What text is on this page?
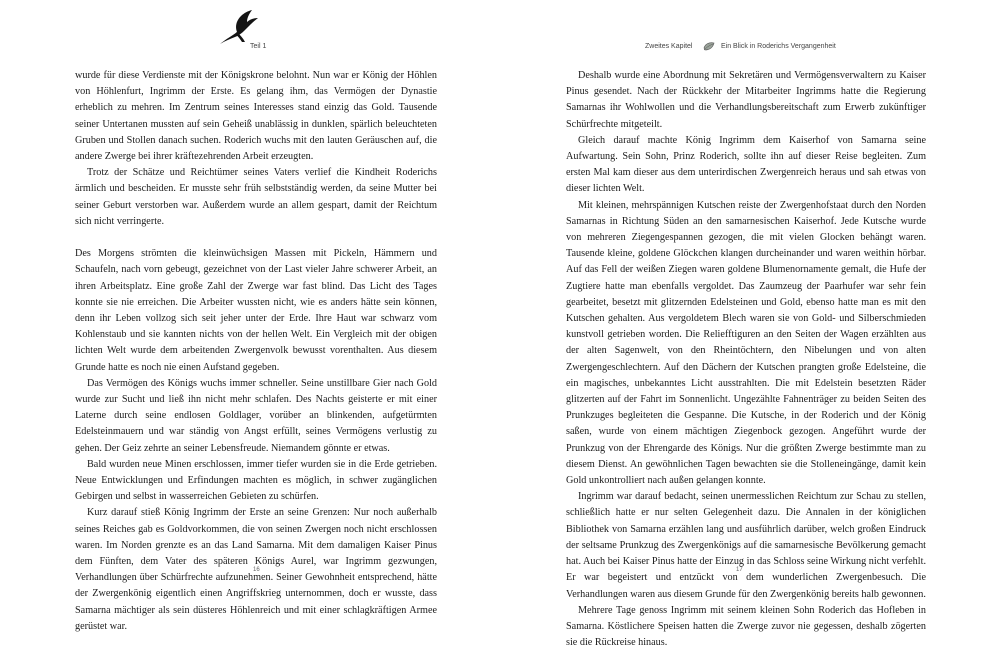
Teil 1

wurde für diese Verdienste mit der Königskrone belohnt. Nun war er König der Höhlen von Höhlenfurt, Ingrimm der Erste. Es gelang ihm, das Vermögen der Dynastie erheblich zu mehren. Im Zentrum seines Interesses stand einzig das Gold. Tausende seiner Untertanen mussten auf sein Geheiß unablässig in dunklen, spärlich beleuchteten Gruben und Stollen danach suchen. Roderich wuchs mit den lauten Geräuschen auf, die andere Zwerge bei ihrer kräftezehrenden Arbeit erzeugten.

Trotz der Schätze und Reichtümer seines Vaters verlief die Kindheit Roderichs ärmlich und bescheiden. Er musste sehr früh selbstständig werden, da seine Mutter bei seiner Geburt verstorben war. Außerdem wurde an allem gespart, damit der Reichtum sich nicht verringerte.

Des Morgens strömten die kleinwüchsigen Massen mit Pickeln, Hämmern und Schaufeln, nach vorn gebeugt, gezeichnet von der Last vieler Jahre schwerer Arbeit, an ihren Arbeitsplatz. Eine große Zahl der Zwerge war fast blind. Das Licht des Tages konnte sie nie erreichen. Die Arbeiter wussten nicht, wie es anders hätte sein können, denn ihr Leben vollzog sich seit jeher unter der Erde. Ihre Haut war schwarz vom Kohlenstaub und sie kannten nichts von der hellen Welt. Ein Vergleich mit der obigen lichten Welt wurde dem arbeitenden Zwergenvolk bewusst vorenthalten. Aus diesem Grunde hatte es noch nie einen Aufstand gegeben.

Das Vermögen des Königs wuchs immer schneller. Seine unstillbare Gier nach Gold wurde zur Sucht und ließ ihn nicht mehr schlafen. Des Nachts geisterte er mit einer Laterne durch seine endlosen Goldlager, vorüber an blinkenden, aufgetürmten Edelsteinmauern und war ständig von Angst erfüllt, seines Vermögens verlustig zu gehen. Der Geiz zehrte an seiner Lebensfreude. Niemandem gönnte er etwas.

Bald wurden neue Minen erschlossen, immer tiefer wurden sie in die Erde getrieben. Neue Entwicklungen und Erfindungen machten es möglich, in schwer zugänglichen Gebirgen und selbst in wasserreichen Gebieten zu schürfen.

Kurz darauf stieß König Ingrimm der Erste an seine Grenzen: Nur noch außerhalb seines Reiches gab es Goldvorkommen, die von seinen Zwergen noch nicht erschlossen waren. Im Norden grenzte es an das Land Samarna. Mit dem damaligen Kaiser Pinus dem Fünften, dem Vater des späteren Königs Aurel, war Ingrimm gezwungen, Verhandlungen über Schürfrechte aufzunehmen. Seiner Gewohnheit entsprechend, hätte der Zwergenkönig eigentlich einen Angriffskrieg unternommen, doch er wusste, dass Samarna mächtiger als sein düsteres Höhlenreich und mit einer schlagkräftigen Armee gerüstet war.

16
Zweites Kapitel	Ein Blick in Roderichs Vergangenheit

Deshalb wurde eine Abordnung mit Sekretären und Vermögensverwaltern zu Kaiser Pinus gesendet. Nach der Rückkehr der Mitarbeiter Ingrimms hatte die Regierung Samarnas ihr Wohlwollen und die Verhandlungsbereitschaft zum Erwerb zukünftiger Schürfrechte mitgeteilt.

Gleich darauf machte König Ingrimm dem Kaiserhof von Samarna seine Aufwartung. Sein Sohn, Prinz Roderich, sollte ihn auf dieser Reise begleiten. Zum ersten Mal kam dieser aus dem unterirdischen Zwergenreich heraus und sah etwas von dieser lichten Welt.

Mit kleinen, mehrspännigen Kutschen reiste der Zwergenhofstaat durch den Norden Samarnas in Richtung Süden an den samarnesischen Kaiserhof. Jede Kutsche wurde von mehreren Ziegengespannen gezogen, die mit vielen Glocken behängt waren. Tausende kleine, goldene Glöckchen klangen durcheinander und waren weithin hörbar. Auf das Fell der weißen Ziegen waren goldene Blumenornamente gemalt, die Hufe der Zugtiere hatte man ebenfalls vergoldet. Das Zaumzeug der Paarhufer war sehr fein gearbeitet, besetzt mit glitzernden Edelsteinen und Gold, ebenso hatte man es mit den Kutschen gehalten. Aus vergoldetem Blech waren sie von Gold- und Silberschmieden kunstvoll getrieben worden. Die Reliefftiguren an den Seiten der Wagen erzählten aus der alten Sagenwelt, von den Rheintöchtern, den Nibelungen und von alten Zwergengeschlechtern. Auf den Dächern der Kutschen prangten große Edelsteine, die ein magisches, unbekanntes Licht ausstrahlten. Die mit Edelstein besetzten Räder glitzerten auf der Fahrt im Sonnenlicht. Ungezählte Fahnenträger zu beiden Seiten des Prunkzuges begleiteten die Gespanne. Die Kutsche, in der Roderich und der König saßen, wurde von einem mächtigen Ziegenbock gezogen. Angeführt wurde der Prunkzug von der Ehrengarde des Königs. Nur die größten Zwerge bestimmte man zu diesem Dienst. An gewöhnlichen Tagen bewachten sie die Stolleneingänge, damit kein Gold unkontrolliert nach außen gelangen konnte.

Ingrimm war darauf bedacht, seinen unermesslichen Reichtum zur Schau zu stellen, schließlich hatte er nur selten Gelegenheit dazu. Die Annalen in der königlichen Bibliothek von Samarna erzählen lang und ausführlich darüber, welch großen Eindruck der seltsame Prunkzug des Zwergenkönigs auf die samarnesische Bevölkerung gemacht hat. Auch bei Kaiser Pinus hatte der Einzug in das Schloss seine Wirkung nicht verfehlt. Er war begeistert und entzückt von dem wunderlichen Zwergenbesuch. Die Verhandlungen waren aus diesem Grunde für den Zwergenkönig bereits halb gewonnen.

Mehrere Tage genoss Ingrimm mit seinem kleinen Sohn Roderich das Hofleben in Samarna. Köstlichere Speisen hatten die Zwerge zuvor nie gegessen, deshalb zögerten sie die Rückreise hinaus.

17
